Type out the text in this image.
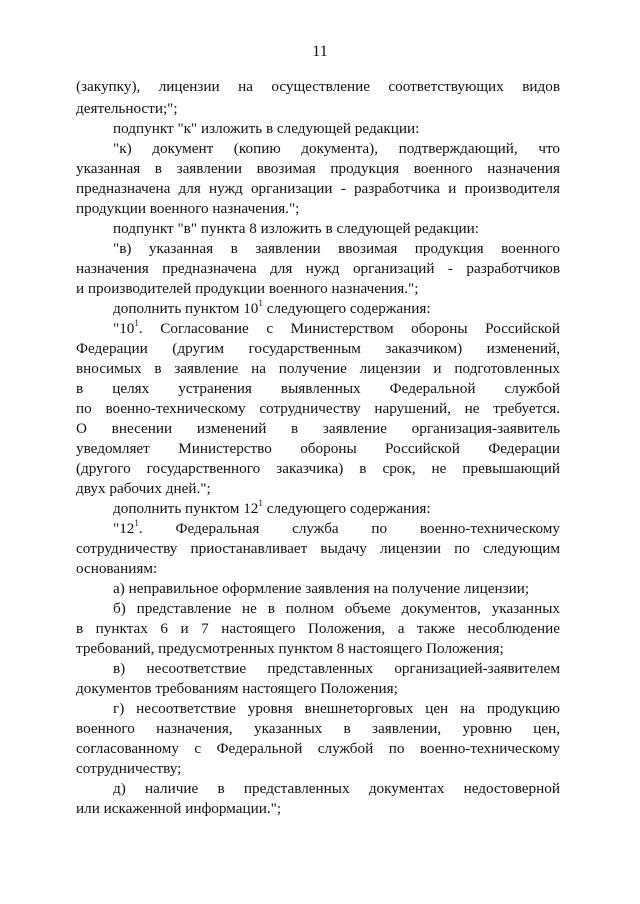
11
(закупку), лицензии на осуществление соответствующих видов
деятельности;";
подпункт "к" изложить в следующей редакции:
"к) документ (копию документа), подтверждающий, что
указанная в заявлении ввозимая продукция военного назначения
предназначена для нужд организации - разработчика и производителя
продукции военного назначения.";
подпункт "в" пункта 8 изложить в следующей редакции:
"в) указанная в заявлении ввозимая продукция военного
назначения предназначена для нужд организаций - разработчиков
и производителей продукции военного назначения.";
дополнить пунктом $10^1$ следующего содержания:
"$10^1$. Согласование с Министерством обороны Российской
Федерации (другим государственным заказчиком) изменений,
вносимых в заявление на получение лицензии и подготовленных
в целях устранения выявленных Федеральной службой
по военно-техническому сотрудничеству нарушений, не требуется.
О внесении изменений в заявление организация-заявитель
уведомляет Министерство обороны Российской Федерации
(другого государственного заказчика) в срок, не превышающий
двух рабочих дней.";
дополнить пунктом $12^1$ следующего содержания:
"$12^1$. Федеральная служба по военно-техническому
сотрудничеству приостанавливает выдачу лицензии по следующим
основаниям:
а) неправильное оформление заявления на получение лицензии;
б) представление не в полном объеме документов, указанных
в пунктах 6 и 7 настоящего Положения, а также несоблюдение
требований, предусмотренных пунктом 8 настоящего Положения;
в) несоответствие представленных организацией-заявителем
документов требованиям настоящего Положения;
г) несоответствие уровня внешнеторговых цен на продукцию
военного назначения, указанных в заявлении, уровню цен,
согласованному с Федеральной службой по военно-техническому
сотрудничеству;
д) наличие в представленных документах недостоверной
или искаженной информации.";
